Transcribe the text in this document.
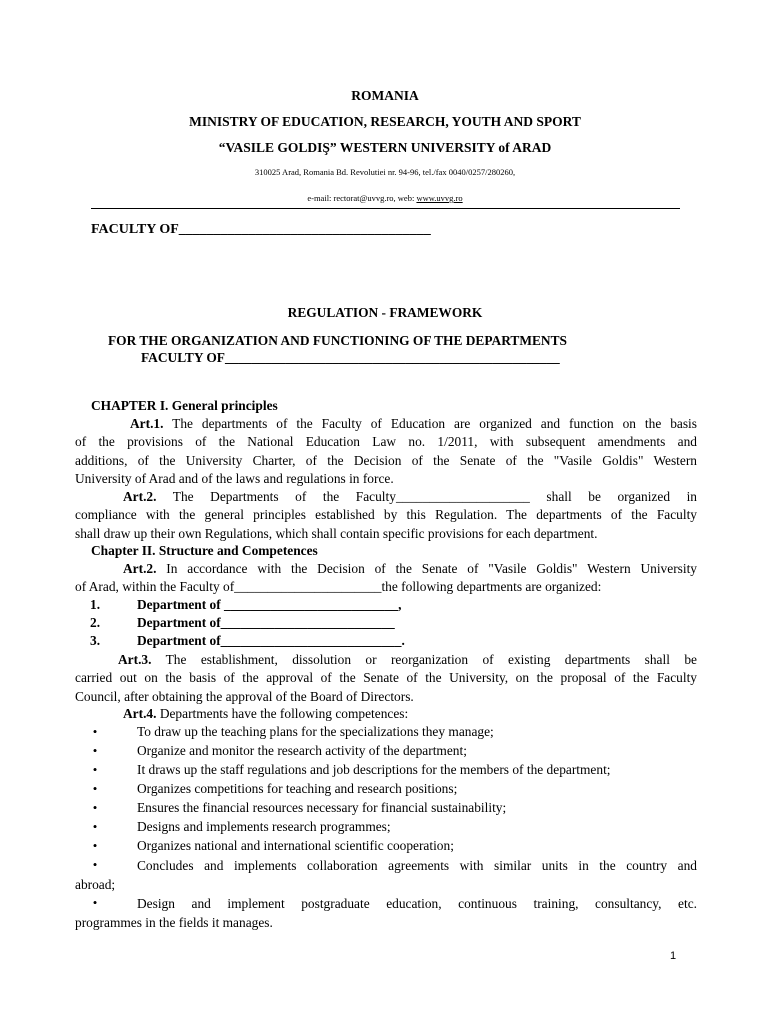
ROMANIA
MINISTRY OF EDUCATION, RESEARCH, YOUTH AND SPORT
“VASILE GOLDIŞ” WESTERN UNIVERSITY of ARAD
310025 Arad, Romania Bd. Revolutiei nr. 94-96, tel./fax 0040/0257/280260,
e-mail: rectorat@uvvg.ro, web: www.uvvg.ro
FACULTY OF____________________________________
REGULATION - FRAMEWORK
FOR THE ORGANIZATION AND FUNCTIONING OF THE DEPARTMENTS
FACULTY OF__________________________________________________
CHAPTER I. General principles
Art.1. The departments of the Faculty of Education are organized and function on the basis
of the provisions of the National Education Law no. 1/2011, with subsequent amendments and
additions, of the University Charter, of the Decision of the Senate of the "Vasile Goldis" Western
University of Arad and of the laws and regulations in force.
Art.2. The Departments of the Faculty____________________ shall be organized in
compliance with the general principles established by this Regulation. The departments of the Faculty
shall draw up their own Regulations, which shall contain specific provisions for each department.
Chapter II. Structure and Competences
Art.2. In accordance with the Decision of the Senate of "Vasile Goldis" Western University
of Arad, within the Faculty of______________________the following departments are organized:
1.	Department of __________________________,
2.	Department of__________________________
3.	Department of___________________________.
Art.3. The establishment, dissolution or reorganization of existing departments shall be
carried out on the basis of the approval of the Senate of the University, on the proposal of the Faculty
Council, after obtaining the approval of the Board of Directors.
Art.4. Departments have the following competences:
•	To draw up the teaching plans for the specializations they manage;
•	Organize and monitor the research activity of the department;
•	It draws up the staff regulations and job descriptions for the members of the department;
•	Organizes competitions for teaching and research positions;
•	Ensures the financial resources necessary for financial sustainability;
•	Designs and implements research programmes;
•	Organizes national and international scientific cooperation;
•	Concludes and implements collaboration agreements with similar units in the country and
abroad;
•	Design and implement postgraduate education, continuous training, consultancy, etc.
programmes in the fields it manages.
1
